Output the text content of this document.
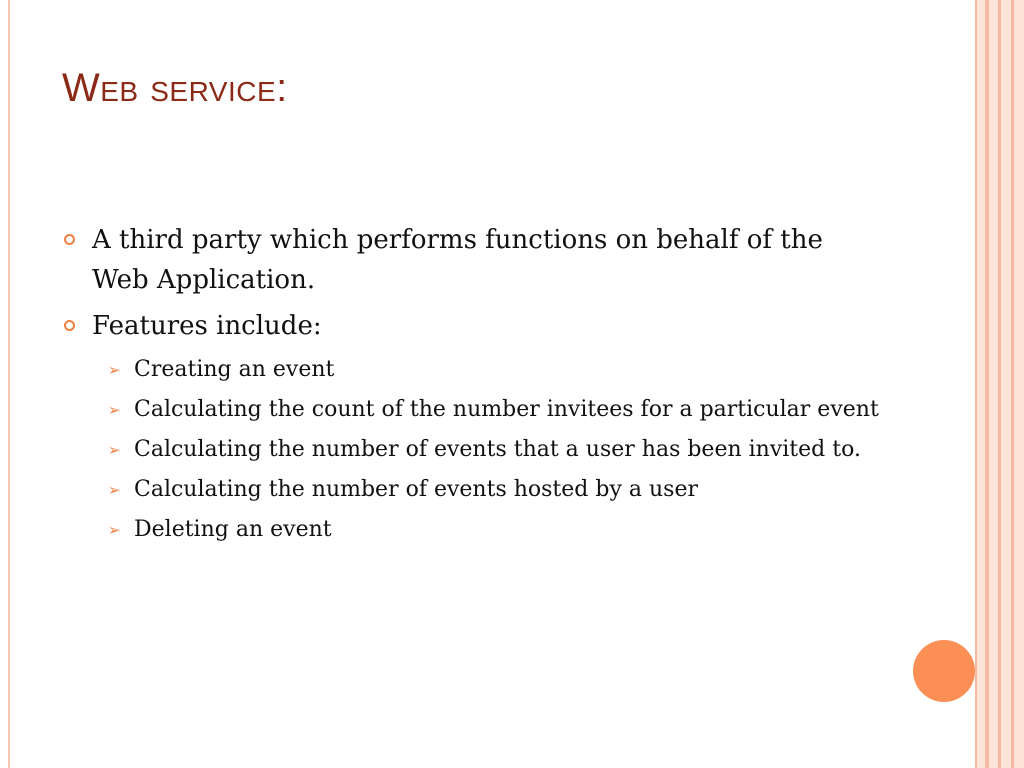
Web service:
A third party which performs functions on behalf of the Web Application.
Features include:
➢ Creating an event
➢ Calculating the count of the number invitees for a particular event
➢ Calculating the number of events that a user has been invited to.
➢ Calculating the number of events hosted by a user
➢ Deleting an event
